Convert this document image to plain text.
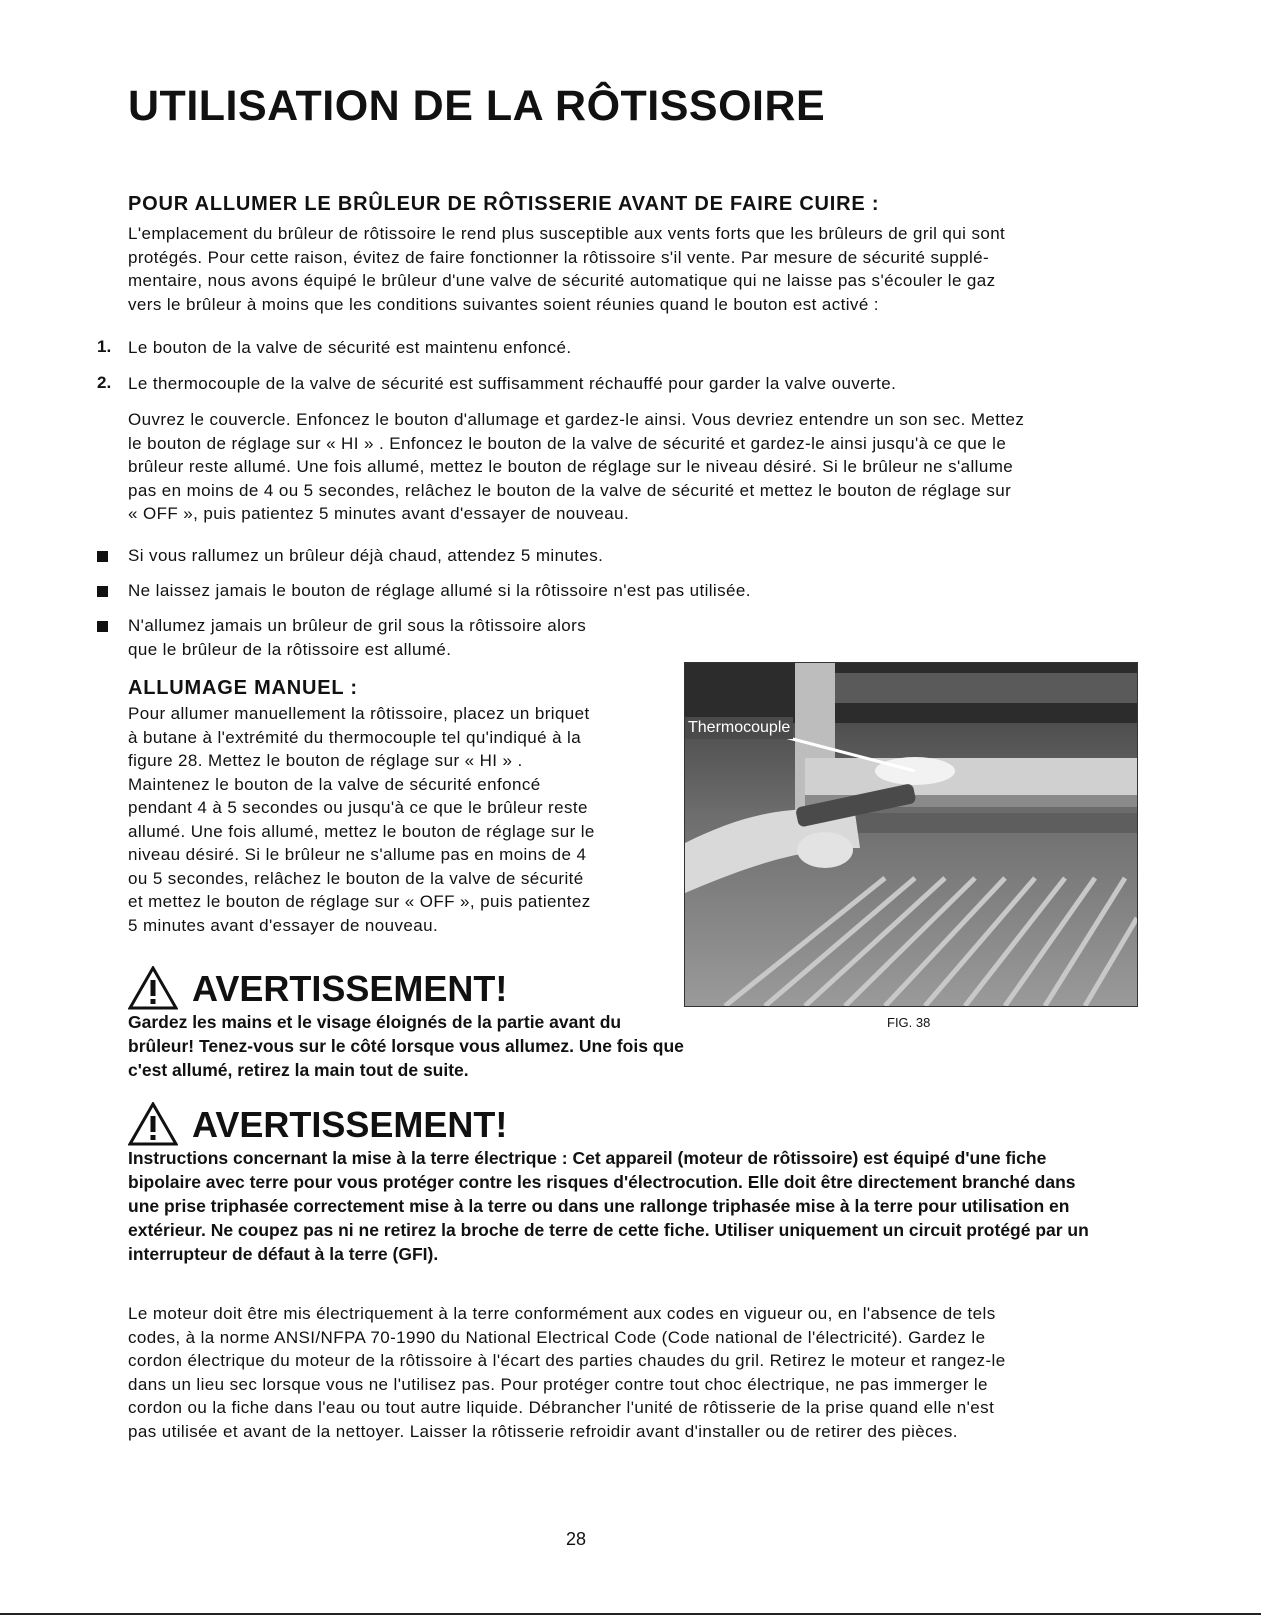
UTILISATION DE LA RÔTISSOIRE
POUR ALLUMER LE BRÛLEUR DE RÔTISSERIE AVANT DE FAIRE CUIRE :
L'emplacement du brûleur de rôtissoire le rend plus susceptible aux vents forts que les brûleurs de gril qui sont
protégés. Pour cette raison, évitez de faire fonctionner la rôtissoire s'il vente. Par mesure de sécurité supplé-
mentaire, nous avons équipé le brûleur d'une valve de sécurité automatique qui ne laisse pas s'écouler le gaz
vers le brûleur à moins que les conditions suivantes soient réunies quand le bouton est activé :
1. Le bouton de la valve de sécurité est maintenu enfoncé.
2. Le thermocouple de la valve de sécurité est suffisamment réchauffé pour garder la valve ouverte.
Ouvrez le couvercle. Enfoncez le bouton d'allumage et gardez-le ainsi. Vous devriez entendre un son sec. Mettez
le bouton de réglage sur « HI » . Enfoncez le bouton de la valve de sécurité et gardez-le ainsi jusqu'à ce que le
brûleur reste allumé. Une fois allumé, mettez le bouton de réglage sur le niveau désiré. Si le brûleur ne s'allume
pas en moins de 4 ou 5 secondes, relâchez le bouton de la valve de sécurité et mettez le bouton de réglage sur
« OFF », puis patientez 5 minutes avant d'essayer de nouveau.
Si vous rallumez un brûleur déjà chaud, attendez 5 minutes.
Ne laissez jamais le bouton de réglage allumé si la rôtissoire n'est pas utilisée.
N'allumez jamais un brûleur de gril sous la rôtissoire alors
que le brûleur de la rôtissoire est allumé.
ALLUMAGE MANUEL :
Pour allumer manuellement la rôtissoire, placez un briquet
à butane à l'extrémité du thermocouple tel qu'indiqué à la
figure 28. Mettez le bouton de réglage sur « HI » .
Maintenez le bouton de la valve de sécurité enfoncé
pendant 4 à 5 secondes ou jusqu'à ce que le brûleur reste
allumé. Une fois allumé, mettez le bouton de réglage sur le
niveau désiré. Si le brûleur ne s'allume pas en moins de 4
ou 5 secondes, relâchez le bouton de la valve de sécurité
et mettez le bouton de réglage sur « OFF », puis patientez
5 minutes avant d'essayer de nouveau.
Thermocouple
FIG. 38
AVERTISSEMENT!
Gardez les mains et le visage éloignés de la partie avant du
brûleur! Tenez-vous sur le côté lorsque vous allumez. Une fois que
c'est allumé, retirez la main tout de suite.
AVERTISSEMENT!
Instructions concernant la mise à la terre électrique : Cet appareil (moteur de rôtissoire) est équipé d'une fiche
bipolaire avec terre pour vous protéger contre les risques d'électrocution. Elle doit être directement branché dans
une prise triphasée correctement mise à la terre ou dans une rallonge triphasée mise à la terre pour utilisation en
extérieur. Ne coupez pas ni ne retirez la broche de terre de cette fiche. Utiliser uniquement un circuit protégé par un
interrupteur de défaut à la terre (GFI).
Le moteur doit être mis électriquement à la terre conformément aux codes en vigueur ou, en l'absence de tels
codes, à la norme ANSI/NFPA 70-1990 du National Electrical Code (Code national de l'électricité). Gardez le
cordon électrique du moteur de la rôtissoire à l'écart des parties chaudes du gril. Retirez le moteur et rangez-le
dans un lieu sec lorsque vous ne l'utilisez pas. Pour protéger contre tout choc électrique, ne pas immerger le
cordon ou la fiche dans l'eau ou tout autre liquide. Débrancher l'unité de rôtisserie de la prise quand elle n'est
pas utilisée et avant de la nettoyer. Laisser la rôtisserie refroidir avant d'installer ou de retirer des pièces.
28
